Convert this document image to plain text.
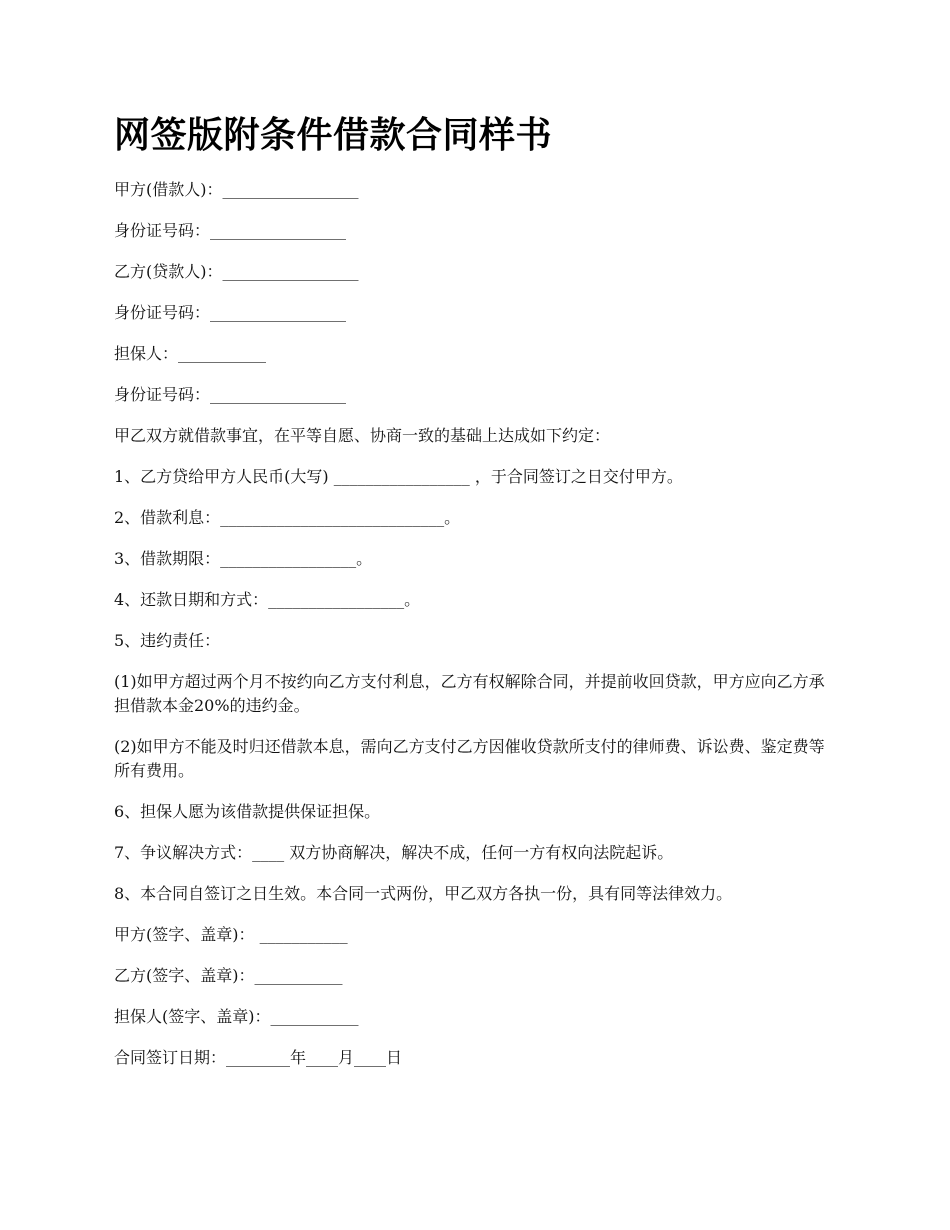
网签版附条件借款合同样书

甲方(借款人)：_________________

身份证号码：_________________

乙方(贷款人)：_________________

身份证号码：_________________

担保人：___________

身份证号码：_________________

甲乙双方就借款事宜，在平等自愿、协商一致的基础上达成如下约定：

1、乙方贷给甲方人民币(大写) _________________ ，于合同签订之日交付甲方。

2、借款利息：____________________________。

3、借款期限：_________________。

4、还款日期和方式：_________________。

5、违约责任：

(1)如甲方超过两个月不按约向乙方支付利息，乙方有权解除合同，并提前收回贷款，甲方应向乙方承担借款本金20%的违约金。

(2)如甲方不能及时归还借款本息，需向乙方支付乙方因催收贷款所支付的律师费、诉讼费、鉴定费等所有费用。

6、担保人愿为该借款提供保证担保。

7、争议解决方式：____ 双方协商解决，解决不成，任何一方有权向法院起诉。

8、本合同自签订之日生效。本合同一式两份，甲乙双方各执一份，具有同等法律效力。

甲方(签字、盖章)： ___________

乙方(签字、盖章)：___________

担保人(签字、盖章)：___________

合同签订日期：________年____月____日
